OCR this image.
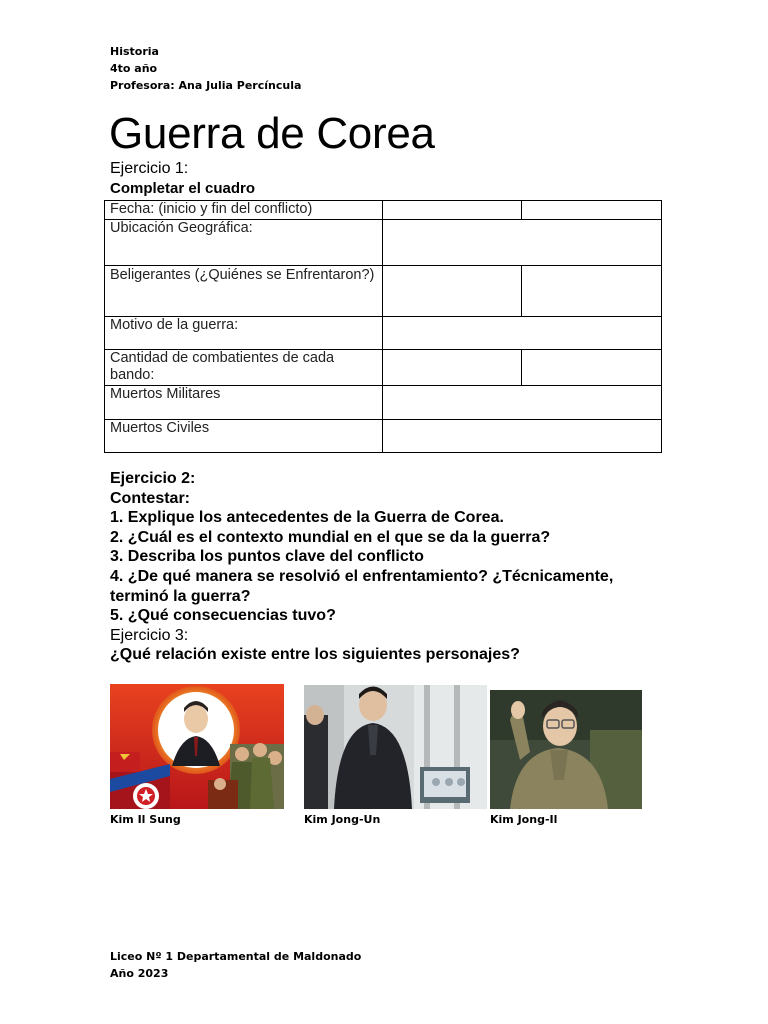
Historia
4to año
Profesora: Ana Julia Percíncula
Guerra de Corea
Ejercicio 1:
Completar el cuadro
Fecha: (inicio y fin del conflicto)		
Ubicación Geográfica:		
Beligerantes (¿Quiénes se Enfrentaron?)		
Motivo de la guerra:		
Cantidad de combatientes de cada bando:		
Muertos Militares		
Muertos Civiles		
Ejercicio 2:
Contestar:
1. Explique los antecedentes de la Guerra de Corea.
2. ¿Cuál es el contexto mundial en el que se da la guerra?
3. Describa los puntos clave del conflicto
4. ¿De qué manera se resolvió el enfrentamiento? ¿Técnicamente, terminó la guerra?
5. ¿Qué consecuencias tuvo?
Ejercicio 3:
¿Qué relación existe entre los siguientes personajes?
Kim Il Sung	Kim Jong-Un	Kim Jong-Il
Liceo Nº 1 Departamental de Maldonado
Año 2023
